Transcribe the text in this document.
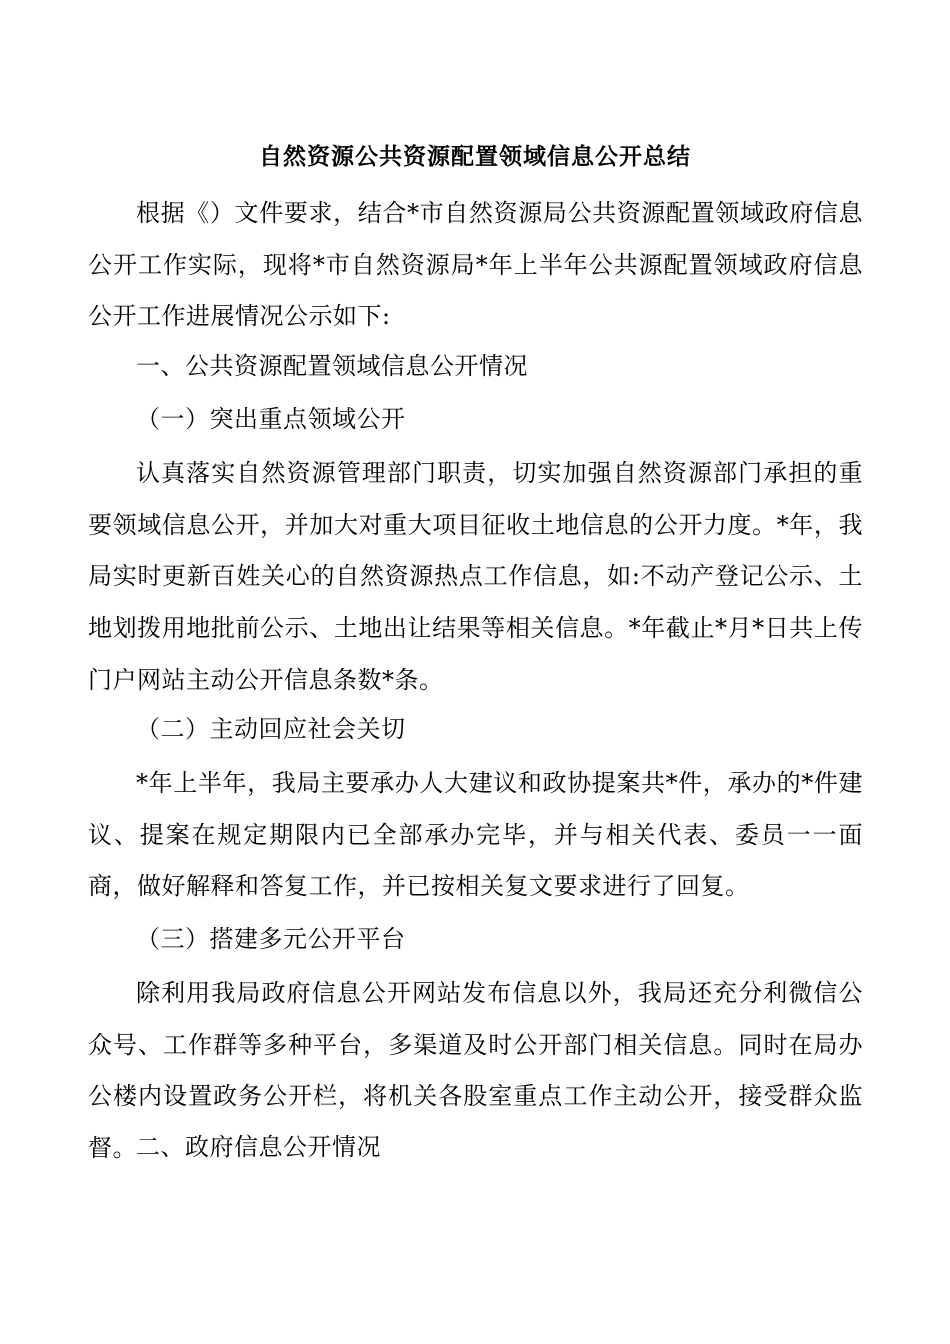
自然资源公共资源配置领域信息公开总结
根据《）文件要求，结合*市自然资源局公共资源配置领域政府信息公开工作实际，现将*市自然资源局*年上半年公共源配置领域政府信息公开工作进展情况公示如下:
一、公共资源配置领域信息公开情况
（一）突出重点领域公开
认真落实自然资源管理部门职责，切实加强自然资源部门承担的重要领域信息公开，并加大对重大项目征收土地信息的公开力度。*年，我局实时更新百姓关心的自然资源热点工作信息，如:不动产登记公示、土地划拨用地批前公示、土地出让结果等相关信息。*年截止*月*日共上传门户网站主动公开信息条数*条。
（二）主动回应社会关切
*年上半年，我局主要承办人大建议和政协提案共*件，承办的*件建议、提案在规定期限内已全部承办完毕，并与相关代表、委员一一面商，做好解释和答复工作，并已按相关复文要求进行了回复。
（三）搭建多元公开平台
除利用我局政府信息公开网站发布信息以外，我局还充分利微信公众号、工作群等多种平台，多渠道及时公开部门相关信息。同时在局办公楼内设置政务公开栏，将机关各股室重点工作主动公开，接受群众监督。 二、政府信息公开情况
